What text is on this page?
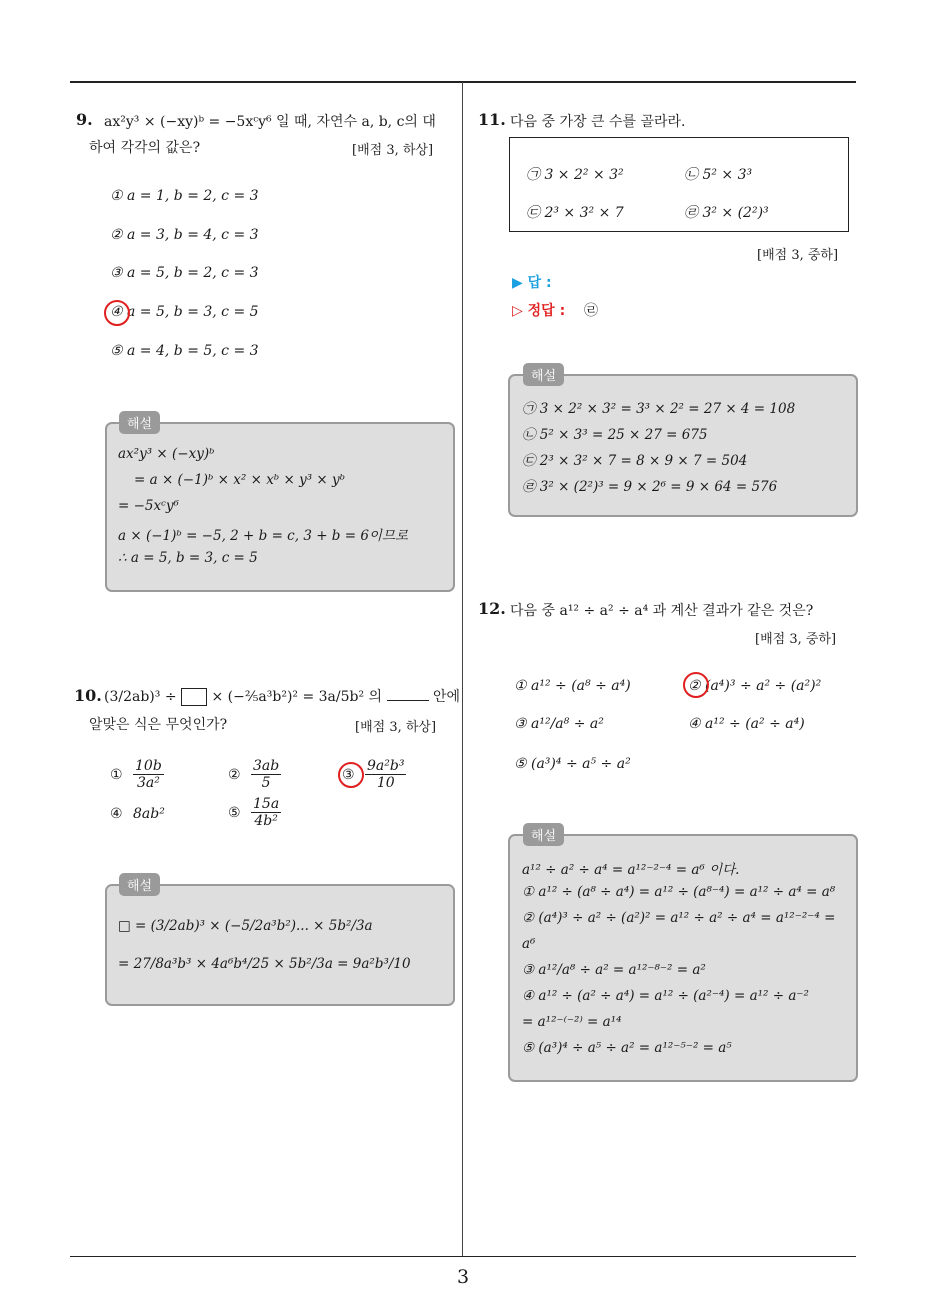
3
9. ax²y³ × (−xy)ᵇ = −5xᶜy⁶ 일 때, 자연수 a, b, c의 대
하여 각각의 값은?	[배점 3, 하상]
① a = 1, b = 2, c = 3
② a = 3, b = 4, c = 3
③ a = 5, b = 2, c = 3
④ a = 5, b = 3, c = 5
⑤ a = 4, b = 5, c = 3
해설
ax²y³ × (−xy)ᵇ
= a × (−1)ᵇ × x² × xᵇ × y³ × yᵇ
= −5xᶜy⁶
a × (−1)ᵇ = −5, 2 + b = c, 3 + b = 6이므로
∴ a = 5, b = 3, c = 5
10. (3/2ab)³ ÷ × (−⅖a³b²)² = 3a/5b² 의	안에
알맞은 식은 무엇인가?	[배점 3, 하상]
① $\frac{10b}{\text{3a²}}$	② $\frac{3ab}{5}$	③ $\frac{\text{9a²b³}}{10}$
④ 8ab²	⑤ $\frac{15a}{\text{4b²}}$
해설
□ = (3/2ab)³ × (−5/2a³b²)... × 5b²/3a
= 27/8a³b³ × 4a⁶b⁴/25 × 5b²/3a = 9a²b³/10
11. 다음 중 가장 큰 수를 골라라.
㉠ 3 × 2² × 3²	㉡ 5² × 3³
㉢ 2³ × 3² × 7	㉣ 3² × (2²)³
[배점 3, 중하]
▶ 답 :
▷ 정답 : ㉣
해설
㉠ 3 × 2² × 3² = 3³ × 2² = 27 × 4 = 108
㉡ 5² × 3³ = 25 × 27 = 675
㉢ 2³ × 3² × 7 = 8 × 9 × 7 = 504
㉣ 3² × (2²)³ = 9 × 2⁶ = 9 × 64 = 576
12. 다음 중 a¹² ÷ a² ÷ a⁴ 과 계산 결과가 같은 것은?
[배점 3, 중하]
① a¹² ÷ (a⁸ ÷ a⁴)	② (a⁴)³ ÷ a² ÷ (a²)²
③ a¹²/a⁸ ÷ a²	④ a¹² ÷ (a² ÷ a⁴)
⑤ (a³)⁴ ÷ a⁵ ÷ a²
해설
a¹² ÷ a² ÷ a⁴ = a¹²⁻²⁻⁴ = a⁶ 이다.
① a¹² ÷ (a⁸ ÷ a⁴) = a¹² ÷ (a⁸⁻⁴) = a¹² ÷ a⁴ = a⁸
② (a⁴)³ ÷ a² ÷ (a²)² = a¹² ÷ a² ÷ a⁴ = a¹²⁻²⁻⁴ =
a⁶
③ a¹²/a⁸ ÷ a² = a¹²⁻⁸⁻² = a²
④ a¹² ÷ (a² ÷ a⁴) = a¹² ÷ (a²⁻⁴) = a¹² ÷ a⁻²
= a¹²⁻⁽⁻²⁾ = a¹⁴
⑤ (a³)⁴ ÷ a⁵ ÷ a² = a¹²⁻⁵⁻² = a⁵
